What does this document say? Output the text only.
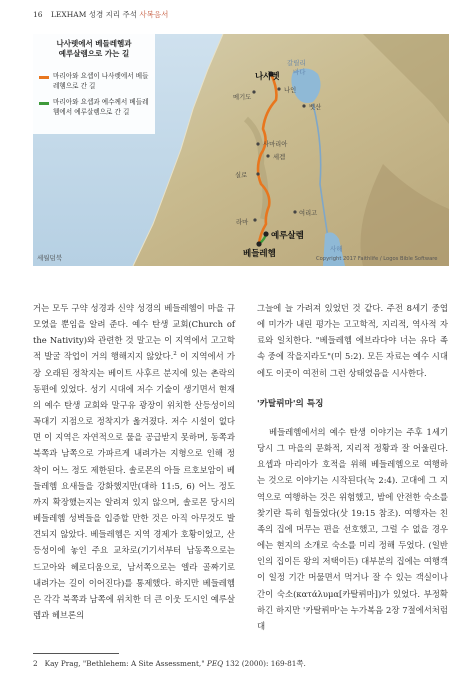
16 LEXHAM 성경 지리 주석 사복음서
갈릴리
바다
나사렛
나인
메기도
벳산
사마리아
세겜
실로
여리고
라마
예루살렘
베들레헴	사해
세월덤북	Copyright 2017 Faithlife / Logos Bible Software
나사렛에서 베들레헴과
예루살렘으로 가는 길
마리아와 요셉이 나사렛에서 베들레헴으로 간 길
마리아와 요셉과 예수께서 베들레헴에서 예루살렘으로 간 길

거는 모두 구약 성경과 신약 성경의 베들레헴이 마을 규모였을 뿐임을 알려 준다. 예수 탄생 교회(Church of the Nativity)와 관련한 것 말고는 이 지역에서 고고학적 발굴 작업이 거의 행해지지 않았다.$^2$ 이 지역에서 가장 오래된 정착지는 베이트 사후르 분지에 있는 촌락의 동편에 있었다. 성기 시대에 저수 기술이 생기면서 현재의 예수 탄생 교회와 말구유 광장이 위치한 산등성이의 꼭대기 지점으로 정착지가 옮겨졌다. 저수 시설이 없다면 이 지역은 자연적으로 물을 공급받지 못하며, 동쪽과 북쪽과 남쪽으로 가파르게 내려가는 지형으로 인해 정착이 어느 정도 제한된다. 솔로몬의 아들 르호보암이 베들레헴 요새들을 강화했지만(대하 11:5, 6) 어느 정도까지 확장했는지는 알려져 있지 않으며, 솔로몬 당시의 베들레헴 성벽들을 입증할 만한 것은 아직 아무것도 발견되지 않았다. 베들레헴은 지역 경제가 호황이었고, 산등성이에 놓인 주요 교차로(기기서부터 남동쪽으로는 드고아와 헤로디움으로, 남서쪽으로는 엘라 골짜기로 내려가는 길이 이어진다)를 통제했다. 하지만 베들레헴은 각각 북쪽과 남쪽에 위치한 더 큰 이웃 도시인 예루살렘과 헤브론의

그늘에 늘 가려져 있었던 것 같다. 주전 8세기 중엽에 미가가 내린 평가는 고고학적, 지리적, 역사적 자료와 일치한다. "베들레헴 에브라다야 너는 유다 족속 중에 작을지라도"(미 5:2). 모든 자료는 예수 시대에도 이곳이 여전히 그런 상태였음을 시사한다.

'카탈뤼마'의 특징

베들레헴에서의 예수 탄생 이야기는 주후 1세기 당시 그 마을의 문화적, 지리적 정황과 잘 어울린다. 요셉과 마리아가 호적을 위해 베들레헴으로 여행하는 것으로 이야기는 시작된다(눅 2:4). 고대에 그 지역으로 여행하는 것은 위험했고, 밤에 안전한 숙소를 찾기란 특히 힘들었다(삿 19:15 참조). 여행자는 친족의 집에 머무는 편을 선호했고, 그럴 수 없을 경우에는 현지의 소개로 숙소를 미리 정해 두었다. (일반인의 집이든 왕의 저택이든) 대부분의 집에는 여행객이 일정 기간 머물면서 먹거나 잘 수 있는 객실이나 간이 숙소(κατάλυμα[카탈뤼마])가 있었다. 부정확하긴 하지만 '카탈뤼마'는 누가복음 2장 7절에서처럼 대

2 Kay Prag, "Bethlehem: A Site Assessment," PEQ 132 (2000): 169-81쪽.
